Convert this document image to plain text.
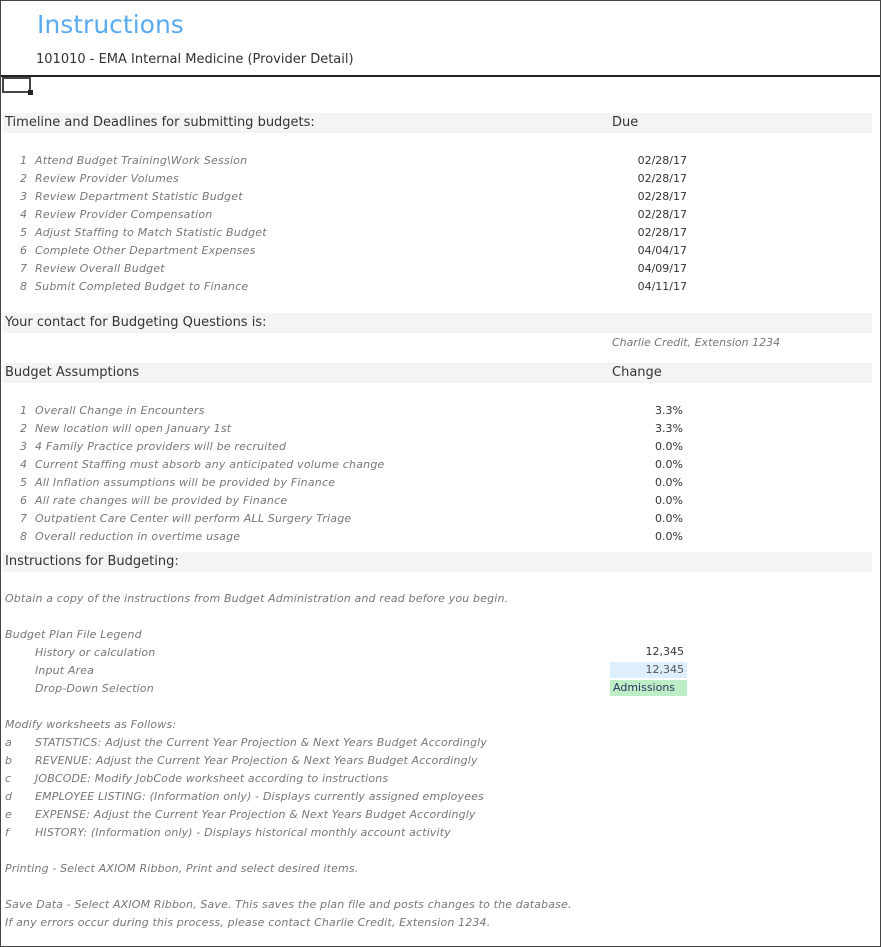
Instructions
101010 - EMA Internal Medicine (Provider Detail)
Timeline and Deadlines for submitting budgets:	Due
1 Attend Budget Training\Work Session	02/28/17
2 Review Provider Volumes	02/28/17
3 Review Department Statistic Budget	02/28/17
4 Review Provider Compensation	02/28/17
5 Adjust Staffing to Match Statistic Budget	02/28/17
6 Complete Other Department Expenses	04/04/17
7 Review Overall Budget	04/09/17
8 Submit Completed Budget to Finance	04/11/17
Your contact for Budgeting Questions is:
Charlie Credit, Extension 1234
Budget Assumptions	Change
1 Overall Change in Encounters	3.3%
2 New location will open January 1st	3.3%
3 4 Family Practice providers will be recruited	0.0%
4 Current Staffing must absorb any anticipated volume change	0.0%
5 All Inflation assumptions will be provided by Finance	0.0%
6 All rate changes will be provided by Finance	0.0%
7 Outpatient Care Center will perform ALL Surgery Triage	0.0%
8 Overall reduction in overtime usage	0.0%
Instructions for Budgeting:
Obtain a copy of the instructions from Budget Administration and read before you begin.
Budget Plan File Legend
History or calculation	12,345
Input Area	12,345
Drop-Down Selection	Admissions
Modify worksheets as Follows:
a STATISTICS: Adjust the Current Year Projection & Next Years Budget Accordingly
b REVENUE: Adjust the Current Year Projection & Next Years Budget Accordingly
c JOBCODE: Modify JobCode worksheet according to instructions
d EMPLOYEE LISTING: (Information only) - Displays currently assigned employees
e EXPENSE: Adjust the Current Year Projection & Next Years Budget Accordingly
f HISTORY: (Information only) - Displays historical monthly account activity
Printing - Select AXIOM Ribbon, Print and select desired items.
Save Data - Select AXIOM Ribbon, Save. This saves the plan file and posts changes to the database.
If any errors occur during this process, please contact Charlie Credit, Extension 1234.
